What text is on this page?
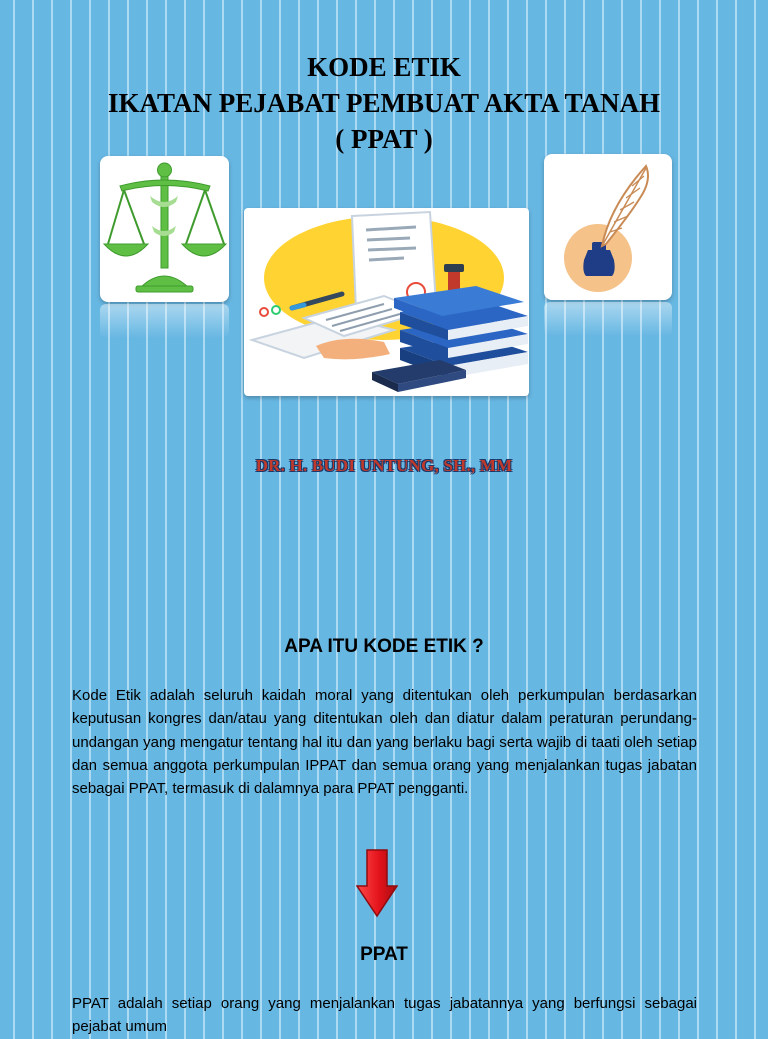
KODE ETIK
IKATAN PEJABAT PEMBUAT AKTA TANAH
( PPAT )
DR. H. BUDI UNTUNG, SH., MM
APA ITU KODE ETIK ?
Kode Etik adalah seluruh kaidah moral yang ditentukan oleh perkumpulan berdasarkan keputusan kongres dan/atau yang ditentukan oleh dan diatur dalam peraturan perundang-undangan yang mengatur tentang hal itu dan yang berlaku bagi serta wajib di taati oleh setiap dan semua anggota perkumpulan IPPAT dan semua orang yang menjalankan tugas jabatan sebagai PPAT, termasuk di dalamnya para PPAT pengganti.
PPAT
PPAT adalah setiap orang yang menjalankan tugas jabatannya yang berfungsi sebagai pejabat umum
